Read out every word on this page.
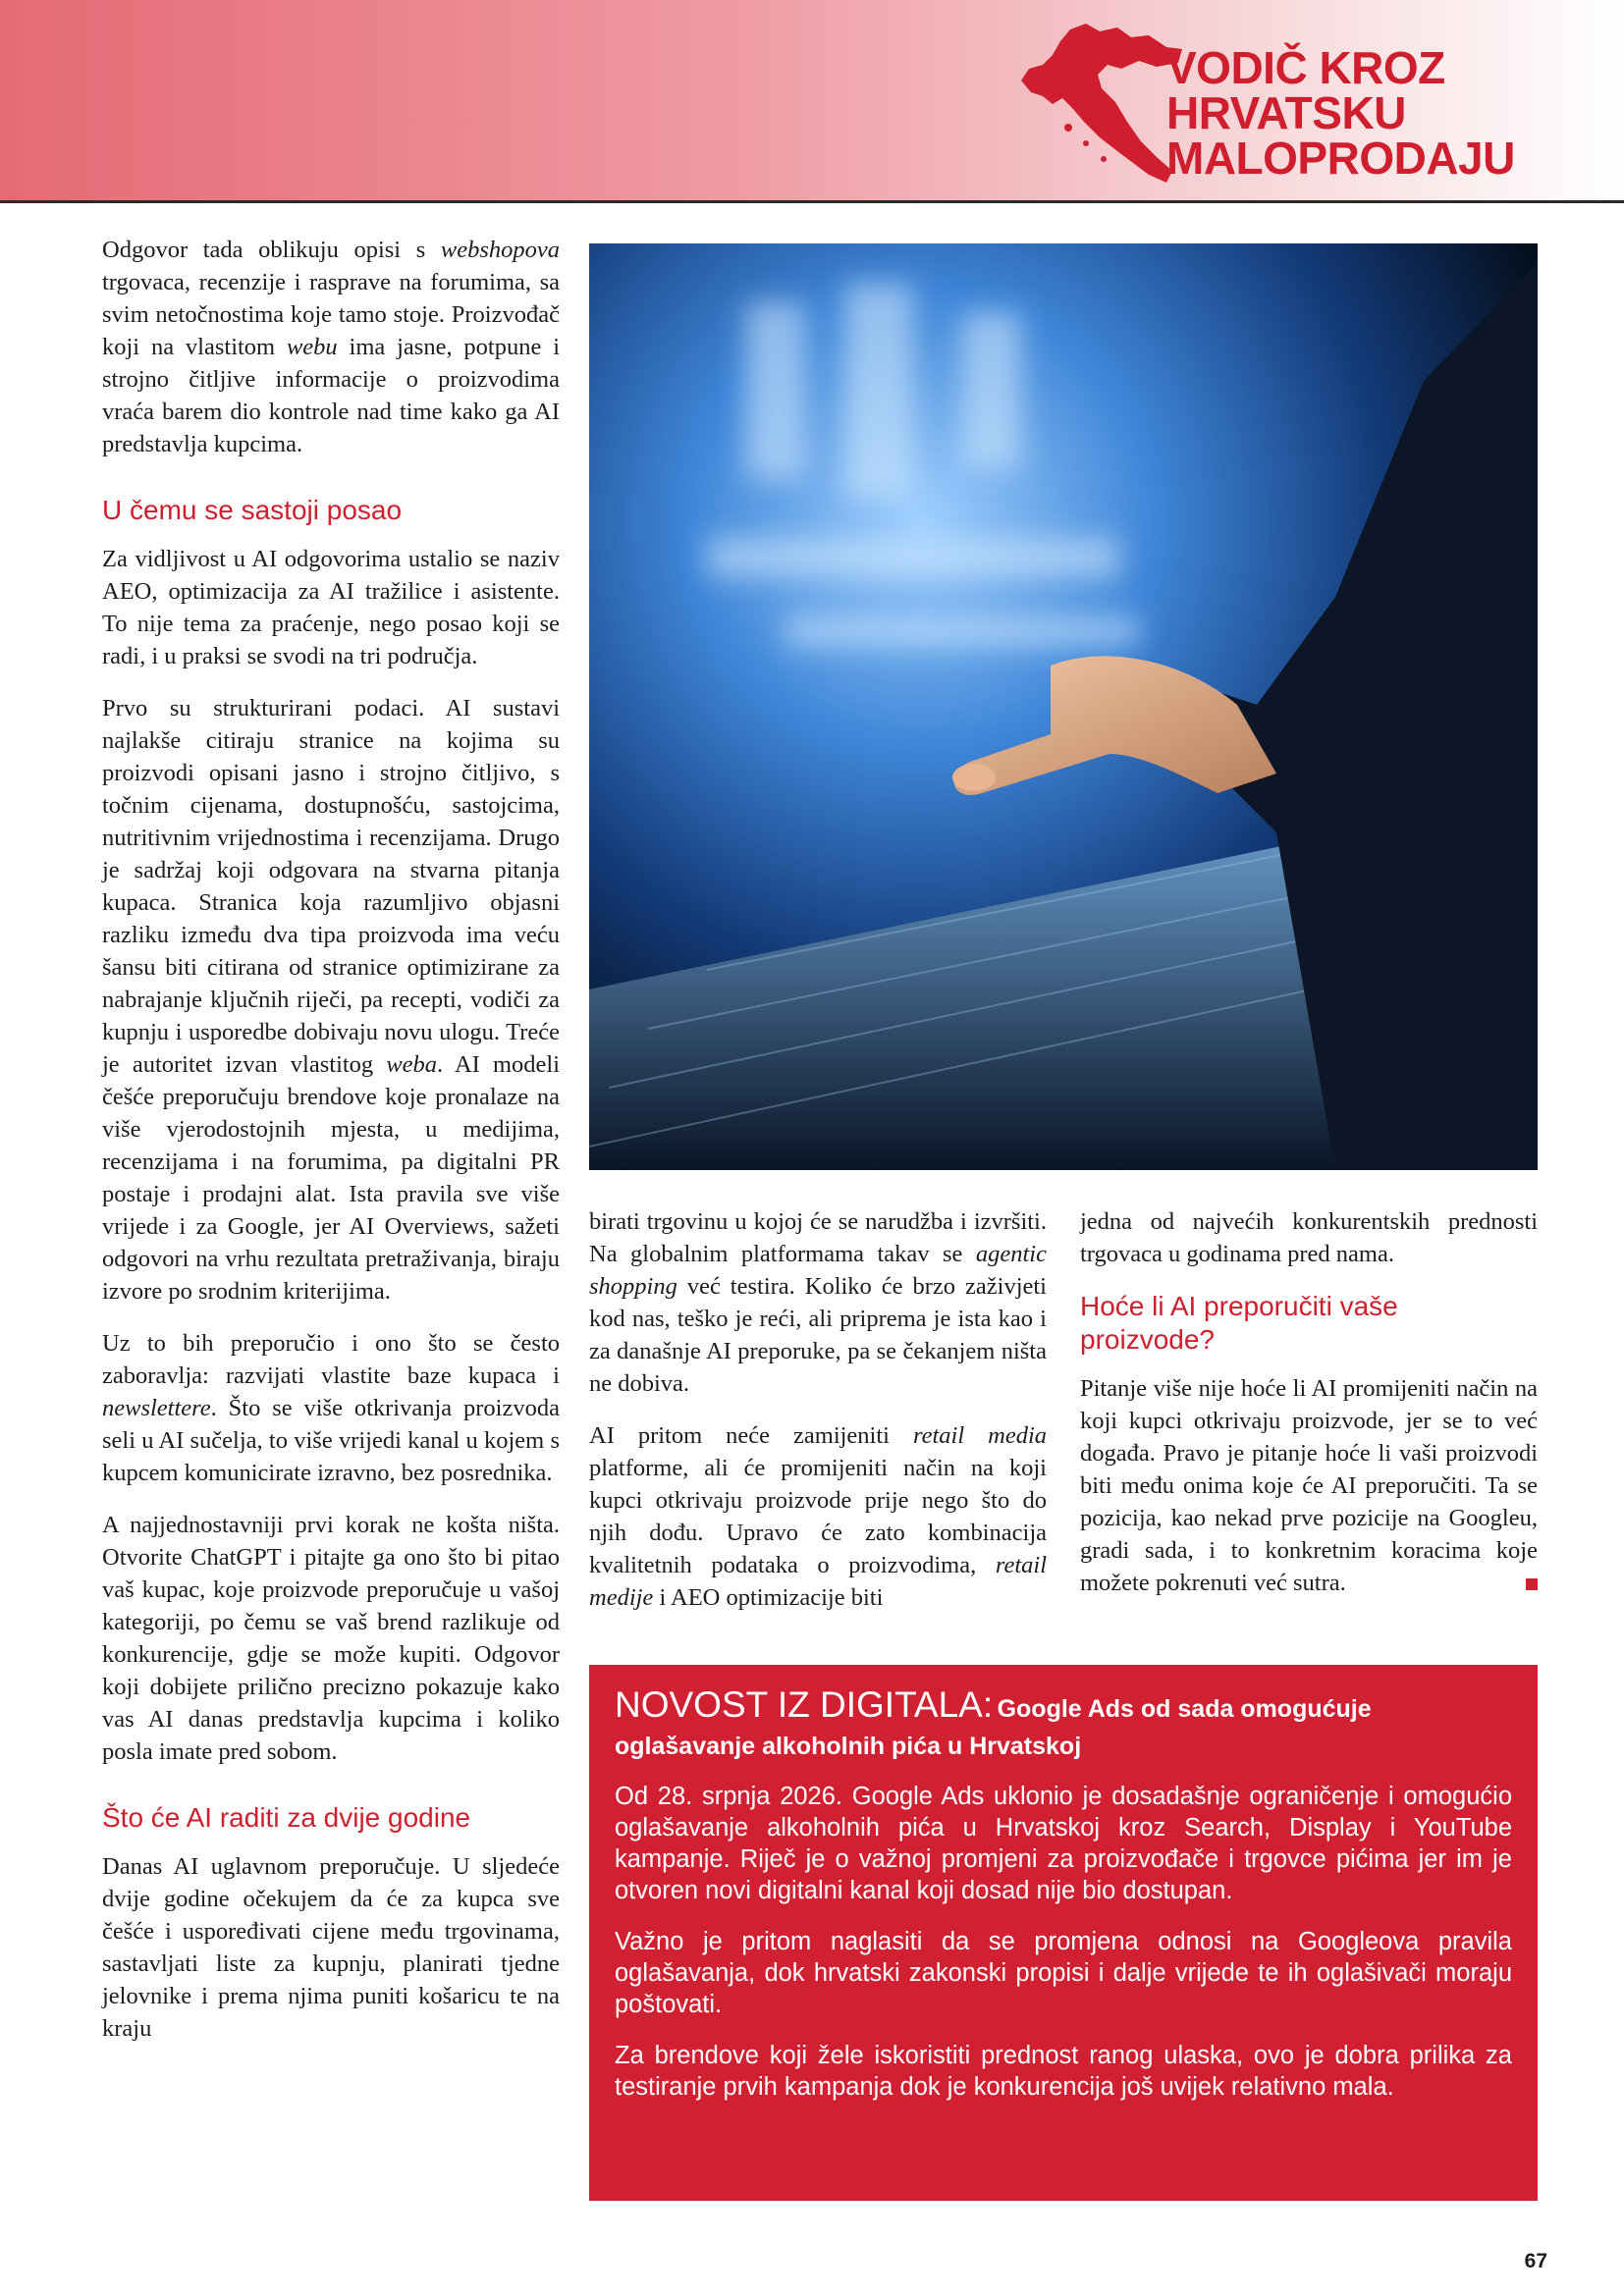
VODIČ KROZ
HRVATSKU
MALOPRODAJU

Odgovor tada oblikuju opisi s webshopova trgovaca, recenzije i rasprave na forumima, sa svim netočnostima koje tamo stoje. Proizvođač koji na vlastitom webu ima jasne, potpune i strojno čitljive informacije o proizvodima vraća barem dio kontrole nad time kako ga AI predstavlja kupcima.

U čemu se sastoji posao

Za vidljivost u AI odgovorima ustalio se naziv AEO, optimizacija za AI tražilice i asistente. To nije tema za praćenje, nego posao koji se radi, i u praksi se svodi na tri područja.

Prvo su strukturirani podaci. AI sustavi najlakše citiraju stranice na kojima su proizvodi opisani jasno i strojno čitljivo, s točnim cijenama, dostupnošću, sastojcima, nutritivnim vrijednostima i recenzijama. Drugo je sadržaj koji odgovara na stvarna pitanja kupaca. Stranica koja razumljivo objasni razliku između dva tipa proizvoda ima veću šansu biti citirana od stranice optimizirane za nabrajanje ključnih riječi, pa recepti, vodiči za kupnju i usporedbe dobivaju novu ulogu. Treće je autoritet izvan vlastitog weba. AI modeli češće preporučuju brendove koje pronalaze na više vjerodostojnih mjesta, u medijima, recenzijama i na forumima, pa digitalni PR postaje i prodajni alat. Ista pravila sve više vrijede i za Google, jer AI Overviews, sažeti odgovori na vrhu rezultata pretraživanja, biraju izvore po srodnim kriterijima.

Uz to bih preporučio i ono što se često zaboravlja: razvijati vlastite baze kupaca i newslettere. Što se više otkrivanja proizvoda seli u AI sučelja, to više vrijedi kanal u kojem s kupcem komunicirate izravno, bez posrednika.

A najjednostavniji prvi korak ne košta ništa. Otvorite ChatGPT i pitajte ga ono što bi pitao vaš kupac, koje proizvode preporučuje u vašoj kategoriji, po čemu se vaš brend razlikuje od konkurencije, gdje se može kupiti. Odgovor koji dobijete prilično precizno pokazuje kako vas AI danas predstavlja kupcima i koliko posla imate pred sobom.

Što će AI raditi za dvije godine

Danas AI uglavnom preporučuje. U sljedeće dvije godine očekujem da će za kupca sve češće i uspoređivati cijene među trgovinama, sastavljati liste za kupnju, planirati tjedne jelovnike i prema njima puniti košaricu te na kraju

birati trgovinu u kojoj će se narudžba i izvršiti. Na globalnim platformama takav se agentic shopping već testira. Koliko će brzo zaživjeti kod nas, teško je reći, ali priprema je ista kao i za današnje AI preporuke, pa se čekanjem ništa ne dobiva.

AI pritom neće zamijeniti retail media platforme, ali će promijeniti način na koji kupci otkrivaju proizvode prije nego što do njih dođu. Upravo će zato kombinacija kvalitetnih podataka o proizvodima, retail medije i AEO optimizacije biti

jedna od najvećih konkurentskih prednosti trgovaca u godinama pred nama.

Hoće li AI preporučiti vaše proizvode?

Pitanje više nije hoće li AI promijeniti način na koji kupci otkrivaju proizvode, jer se to već događa. Pravo je pitanje hoće li vaši proizvodi biti među onima koje će AI preporučiti. Ta se pozicija, kao nekad prve pozicije na Googleu, gradi sada, i to konkretnim koracima koje možete pokrenuti već sutra.

NOVOST IZ DIGITALA: Google Ads od sada omogućuje oglašavanje alkoholnih pića u Hrvatskoj

Od 28. srpnja 2026. Google Ads uklonio je dosadašnje ograničenje i omogućio oglašavanje alkoholnih pića u Hrvatskoj kroz Search, Display i YouTube kampanje. Riječ je o važnoj promjeni za proizvođače i trgovce pićima jer im je otvoren novi digitalni kanal koji dosad nije bio dostupan.

Važno je pritom naglasiti da se promjena odnosi na Googleova pravila oglašavanja, dok hrvatski zakonski propisi i dalje vrijede te ih oglašivači moraju poštovati.

Za brendove koji žele iskoristiti prednost ranog ulaska, ovo je dobra prilika za testiranje prvih kampanja dok je konkurencija još uvijek relativno mala.

67
